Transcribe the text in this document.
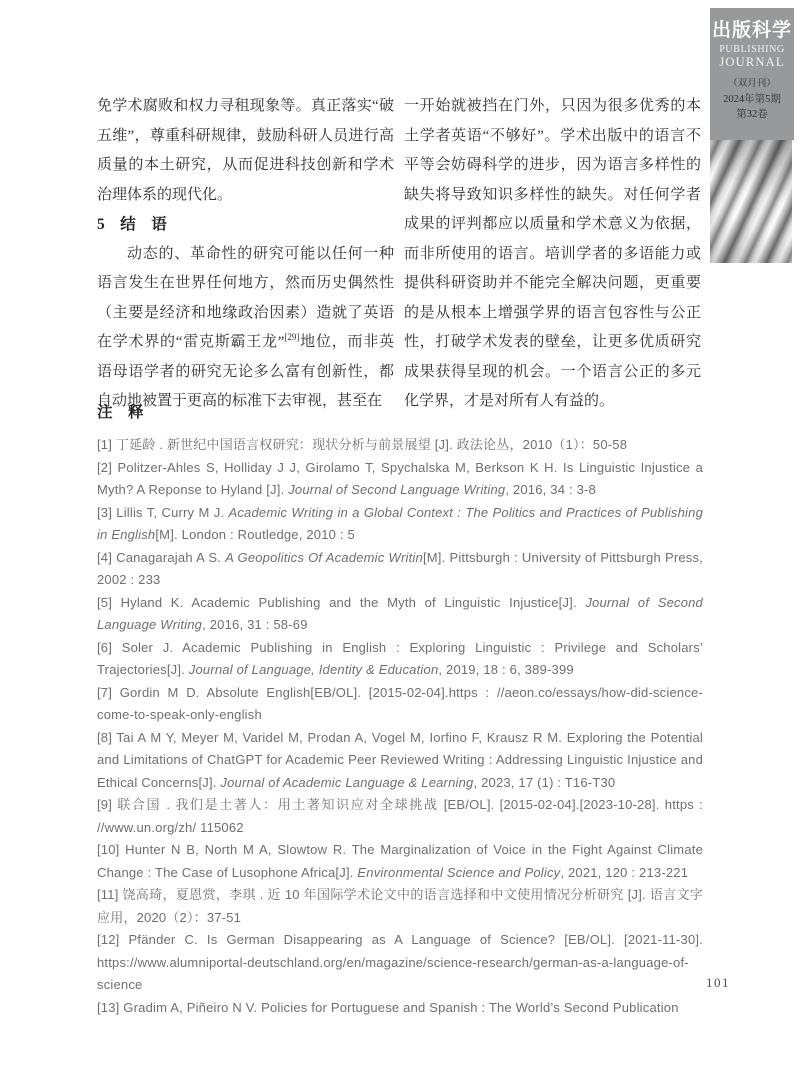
出版科学
PUBLISHING
JOURNAL
（双月刊）
2024年第5期
第32卷

免学术腐败和权力寻租现象等。真正落实“破五维”，尊重科研规律，鼓励科研人员进行高质量的本土研究，从而促进科技创新和学术治理体系的现代化。

5　结　语

动态的、革命性的研究可能以任何一种语言发生在世界任何地方，然而历史偶然性（主要是经济和地缘政治因素）造就了英语在学术界的“雷克斯霸王龙”[29]地位，而非英语母语学者的研究无论多么富有创新性，都自动地被置于更高的标准下去审视，甚至在

一开始就被挡在门外，只因为很多优秀的本土学者英语“不够好”。学术出版中的语言不平等会妨碍科学的进步，因为语言多样性的缺失将导致知识多样性的缺失。对任何学者成果的评判都应以质量和学术意义为依据，而非所使用的语言。培训学者的多语能力或提供科研资助并不能完全解决问题，更重要的是从根本上增强学界的语言包容性与公正性，打破学术发表的壁垒，让更多优质研究成果获得呈现的机会。一个语言公正的多元化学界，才是对所有人有益的。

注　释

[1] 丁延龄 . 新世纪中国语言权研究：现状分析与前景展望 [J]. 政法论丛，2010（1）：50-58

[2] Politzer-Ahles S, Holliday J J, Girolamo T, Spychalska M, Berkson K H. Is Linguistic Injustice a Myth? A Reponse to Hyland [J]. Journal of Second Language Writing, 2016, 34 : 3-8

[3] Lillis T, Curry M J. Academic Writing in a Global Context : The Politics and Practices of Publishing in English[M]. London : Routledge, 2010 : 5

[4] Canagarajah A S. A Geopolitics Of Academic Writin[M]. Pittsburgh : University of Pittsburgh Press, 2002 : 233

[5] Hyland K. Academic Publishing and the Myth of Linguistic Injustice[J]. Journal of Second Language Writing, 2016, 31 : 58-69

[6] Soler J. Academic Publishing in English : Exploring Linguistic : Privilege and Scholars’ Trajectories[J]. Journal of Language, Identity & Education, 2019, 18 : 6, 389-399

[7] Gordin M D. Absolute English[EB/OL]. [2015-02-04].https : //aeon.co/essays/how-did-science-come-to-speak-only-english

[8] Tai A M Y, Meyer M, Varidel M, Prodan A, Vogel M, Iorfino F, Krausz R M. Exploring the Potential and Limitations of ChatGPT for Academic Peer Reviewed Writing : Addressing Linguistic Injustice and Ethical Concerns[J]. Journal of Academic Language & Learning, 2023, 17 (1) : T16-T30

[9] 联合国 . 我们是土著人：用土著知识应对全球挑战 [EB/OL]. [2015-02-04].[2023-10-28]. https : //www.un.org/zh/ 115062

[10] Hunter N B, North M A, Slowtow R. The Marginalization of Voice in the Fight Against Climate Change : The Case of Lusophone Africa[J]. Environmental Science and Policy, 2021, 120 : 213-221

[11] 饶高琦，夏恩赏，李琪 . 近 10 年国际学术论文中的语言选择和中文使用情况分析研究 [J]. 语言文字应用，2020（2）：37-51

[12] Pfänder C. Is German Disappearing as A Language of Science? [EB/OL]. [2021-11-30]. https://www.alumniportal-deutschland.org/en/magazine/science-research/german-as-a-language-of-science

[13] Gradim A, Piñeiro N V. Policies for Portuguese and Spanish : The World’s Second Publication

101
